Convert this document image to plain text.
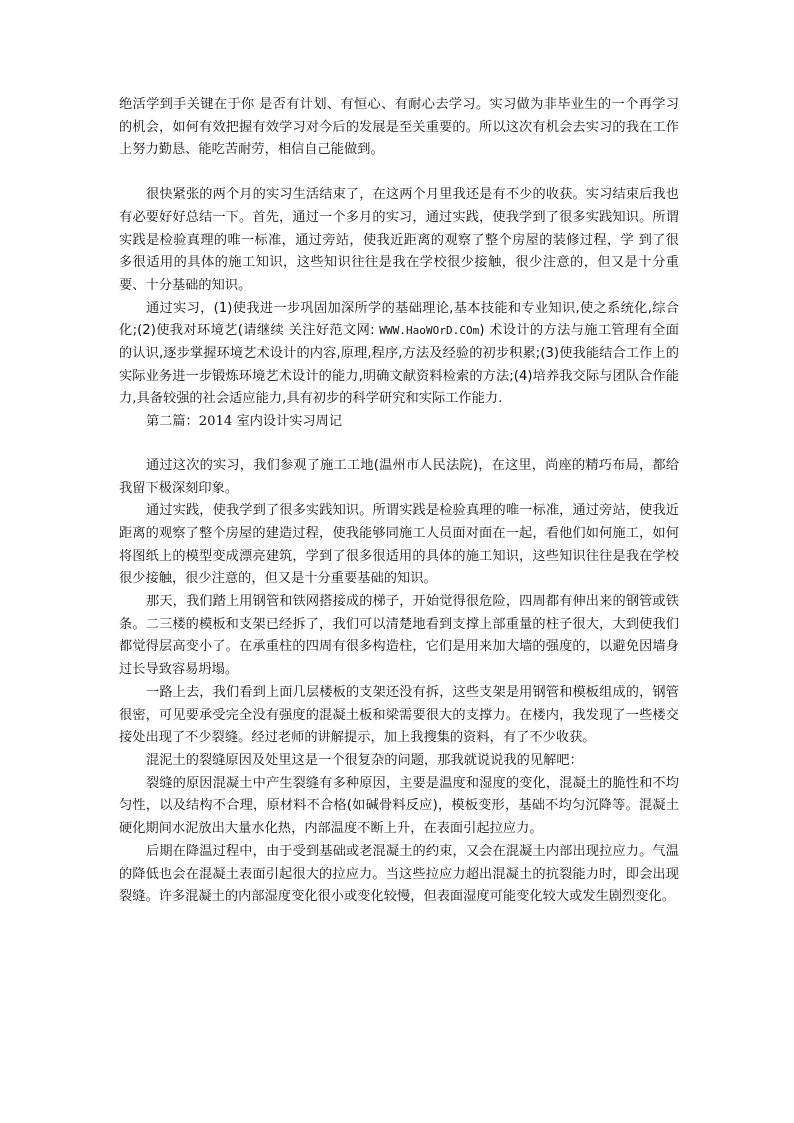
绝活学到手关键在于你 是否有计划、有恒心、有耐心去学习。实习做为非毕业生的一个再学习的机会，如何有效把握有效学习对今后的发展是至关重要的。所以这次有机会去实习的我在工作上努力勤恳、能吃苦耐劳，相信自己能做到。

很快紧张的两个月的实习生活结束了，在这两个月里我还是有不少的收获。实习结束后我也有必要好好总结一下。首先，通过一个多月的实习，通过实践，使我学到了很多实践知识。所谓实践是检验真理的唯一标准，通过旁站，使我近距离的观察了整个房屋的装修过程，学 到了很多很适用的具体的施工知识，这些知识往往是我在学校很少接触，很少注意的，但又是十分重要、十分基础的知识。

通过实习，(1)使我进一步巩固加深所学的基础理论,基本技能和专业知识,使之系统化,综合化;(2)使我对环境艺(请继续 关注好范文网: WWW.HaoWOrD.COm) 术设计的方法与施工管理有全面的认识,逐步掌握环境艺术设计的内容,原理,程序,方法及经验的初步积累;(3)使我能结合工作上的实际业务进一步锻炼环境艺术设计的能力,明确文献资料检索的方法;(4)培养我交际与团队合作能力,具备较强的社会适应能力,具有初步的科学研究和实际工作能力.

第二篇：2014 室内设计实习周记

通过这次的实习，我们参观了施工工地(温州市人民法院)，在这里，尚座的精巧布局，都给我留下极深刻印象。

通过实践，使我学到了很多实践知识。所谓实践是检验真理的唯一标准，通过旁站，使我近距离的观察了整个房屋的建造过程，使我能够同施工人员面对面在一起，看他们如何施工，如何将图纸上的模型变成漂亮建筑，学到了很多很适用的具体的施工知识，这些知识往往是我在学校很少接触，很少注意的，但又是十分重要基础的知识。

那天，我们踏上用钢管和铁网搭接成的梯子，开始觉得很危险，四周都有伸出来的钢管或铁条。二三楼的模板和支架已经拆了，我们可以清楚地看到支撑上部重量的柱子很大，大到使我们都觉得层高变小了。在承重柱的四周有很多构造柱，它们是用来加大墙的强度的，以避免因墙身过长导致容易坍塌。

一路上去，我们看到上面几层楼板的支架还没有拆，这些支架是用钢管和模板组成的，钢管很密，可见要承受完全没有强度的混凝土板和梁需要很大的支撑力。在楼内，我发现了一些楼交接处出现了不少裂缝。经过老师的讲解提示，加上我搜集的资料，有了不少收获。

混泥土的裂缝原因及处里这是一个很复杂的问题，那我就说说我的见解吧：

裂缝的原因混凝土中产生裂缝有多种原因，主要是温度和湿度的变化，混凝土的脆性和不均匀性，以及结构不合理，原材料不合格(如碱骨料反应)，模板变形，基础不均匀沉降等。混凝土硬化期间水泥放出大量水化热，内部温度不断上升，在表面引起拉应力。

后期在降温过程中，由于受到基础或老混凝土的约束，又会在混凝土内部出现拉应力。气温的降低也会在混凝土表面引起很大的拉应力。当这些拉应力超出混凝土的抗裂能力时，即会出现裂缝。许多混凝土的内部湿度变化很小或变化较慢，但表面湿度可能变化较大或发生剧烈变化。
